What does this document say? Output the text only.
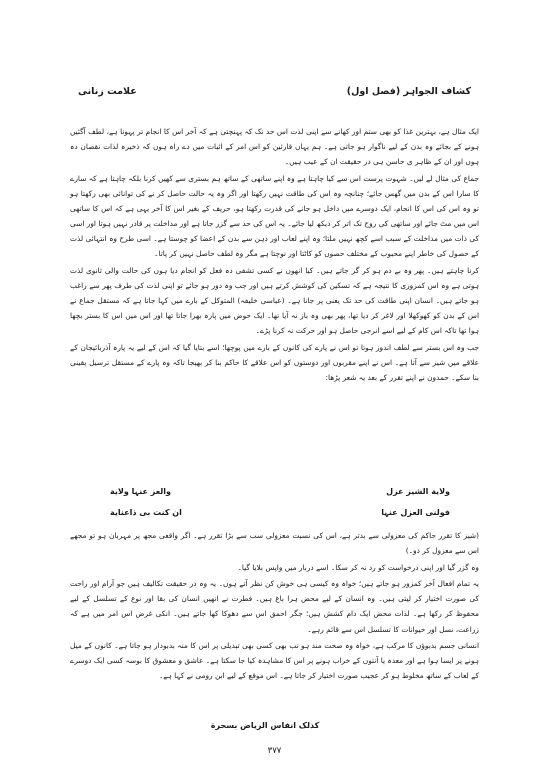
کشاف الجواہر (فصل اول)
علامت زنانی

ایک مثال ہے، بہترین غذا کو بھی ستم اور کھانے سے اپنی لذت اس حد تک کہ پہنچتی ہے کہ آخر اس کا انجام تر پہونا ہے، لطف آگئیں ہونے کے بجائے وہ بدن کے لیے ناگوار ہو جاتی ہے۔ ہم یہاں قارئین کو اس امر کے اثبات میں دے راہ ہوں کہ ذخیرہ لذات نقصان دہ ہوں اور ان کے ظاہر ی حاسن ہی در حقیقت ان کے عیب ہیں۔

جماع کی مثال لے لیں۔ شہوت پرست اس سے کیا چاہتا ہے وہ اپنے ساتھی کے ساتھ ہم بستری سے کھیں کرنا بلکہ چاہتا ہے کہ سارے کا سارا اس کے بدن میں گھس جائے؛ چنانچہ وہ اس کی طاقت نہیں رکھتا اور اگر وہ یہ حالت حاصل کر نے کی توانائی بھی رکھتا ہو تو وہ اس کی اس کا انجام، ایک دوسرے میں داخل ہو جانے کی قدرت رکھتا ہو، حریف کے بغیر اس کا آخر یہی ہے کہ اس کا ساتھی اس میں مٹ جائے اور ساتھی کی روح تک اتر کر دیکھ لیا جائے۔ یہ اس کی حد سے گزر جاتا ہے اور مداخلت پر قادر نہیں ہوتا اور اسی کی ذات میں مداخلت کے سبب اسے کچھ نہیں ملتا؛ وہ اپنے لعاب اور دہن سے بدن کے اعضا کو چوستا ہے۔ اسی طرح وہ انتہائی لذت کے حصول کی خاطر اپنے محبوب کے مختلف حصوں کو کاٹتا اور نوچتا ہے مگر وہ لطف حاصل نہیں کر پاتا۔

کرنا چاہتے ہیں۔ پھر وہ بے دم ہو کر گر جاتے ہیں۔ کیا انھوں نے کسی تشفی دہ فعل کو انجام دیا ہوں کی حالت والی ثانوی لذت ہوتی ہے وہ اس کمزوری کا نتیجہ ہے کہ تسکین کی کوشش کرتے ہیں اور جب وہ دور ہو جائے تو اپنی لذت کی طرف پھر سے راغب ہو جاتے ہیں۔ انسان اپنی طاقت کی حد تک یعنی پر جانا ہے۔ (عباسی خلیفہ) المتوکل کے بارے میں کہا جاتا ہے کہ مستقل جماع نے اس کے بدن کو کھوکھلا اور لاغر کر دیا تھا، پھر بھی وہ باز نہ آیا تھا۔ ایک حوض میں پارہ بھرا جاتا تھا اور اس میں اس کا بستر بچھا ہوا تھا تاکہ اس کام کے لیے اسے انرجی حاصل ہو اور حرکت نہ کرنا پڑے۔

جب وہ اس بستر سے لطف اندوز ہوتا تو اس نے پارے کی کانوں کے بارے میں پوچھا؛ اسے بتایا گیا کہ اس کے لیے یہ پارہ آذربائیجان کے علاقے میں شیز سے آتا ہے۔ اس نے اپنے مقربوں اور دوستوں کو اس علاقے کا حاکم بنا کر بھیجا تاکہ وہ پارے کے مستقل ترسیل یقینی بنا سکے۔ حمدون نے اپنے تقرر کے بعد یہ شعر پڑھا:

ولایة الشیز عزل
والعز عنہا ولایة
فولنی العزل عنہا
ان کنت بی ذاعنایة

(شیز کا تقرر حاکم کی معزولی سے بدتر ہے، اس کی نسبت معزولی سب سے بڑا تقرر ہے۔ اگر واقعی مجھ پر مہربان ہو تو مجھے اس سے معزول کر دو۔)

وہ گزر گیا اور اپنی درخواست کو رد نہ کر سکا۔ اسے دربار میں واپس بلایا گیا۔

یہ تمام افعال آخر کمزور ہو جاتے ہیں؛ خواہ وہ کیسی ہی خوش کن نظر آتے ہوں۔ یہ وہ در حقیقت تکالیف ہیں جو آرام اور راحت کی صورت اختیار کر لیتی ہیں۔ وہ انسان کے لیے محض ہرا باغ ہیں۔ فطرت نے انھیں انسان کی بقا اور نوع کے تسلسل کے لیے محفوظ کر رکھا ہے۔ لذات محض ایک دام کشش ہیں؛ جگر احمق اس سے دھوکا کھا جاتے ہیں۔ انکی غرض اس امر میں ہے کہ زراعت، نسل اور حیوانات کا تسلسل اس سے قائم رہے۔

انسانی جسم بدبوؤں کا مرکب ہے، خواہ وہ صحت مند ہو تب بھی کسی بھی تبدیلی پر اس کا منہ بدبودار ہو جاتا ہے۔ کانوں کے میل ہونے پر ایسا ہوا ہے اور معدہ یا آنتوں کے خراب ہونے پر اس کا مشاہدہ کیا جا سکتا ہے۔ عاشق و معشوق کا بوسہ کسی ایک دوسرے کے لعاب کے ساتھ مخلوط ہو کر عجیب صورت اختیار کر جاتا ہے۔ اس موقع کے لیے ابن رومی نے کہا ہے۔

کذلک انفاس الریاض بسحرة
٣٧٧
